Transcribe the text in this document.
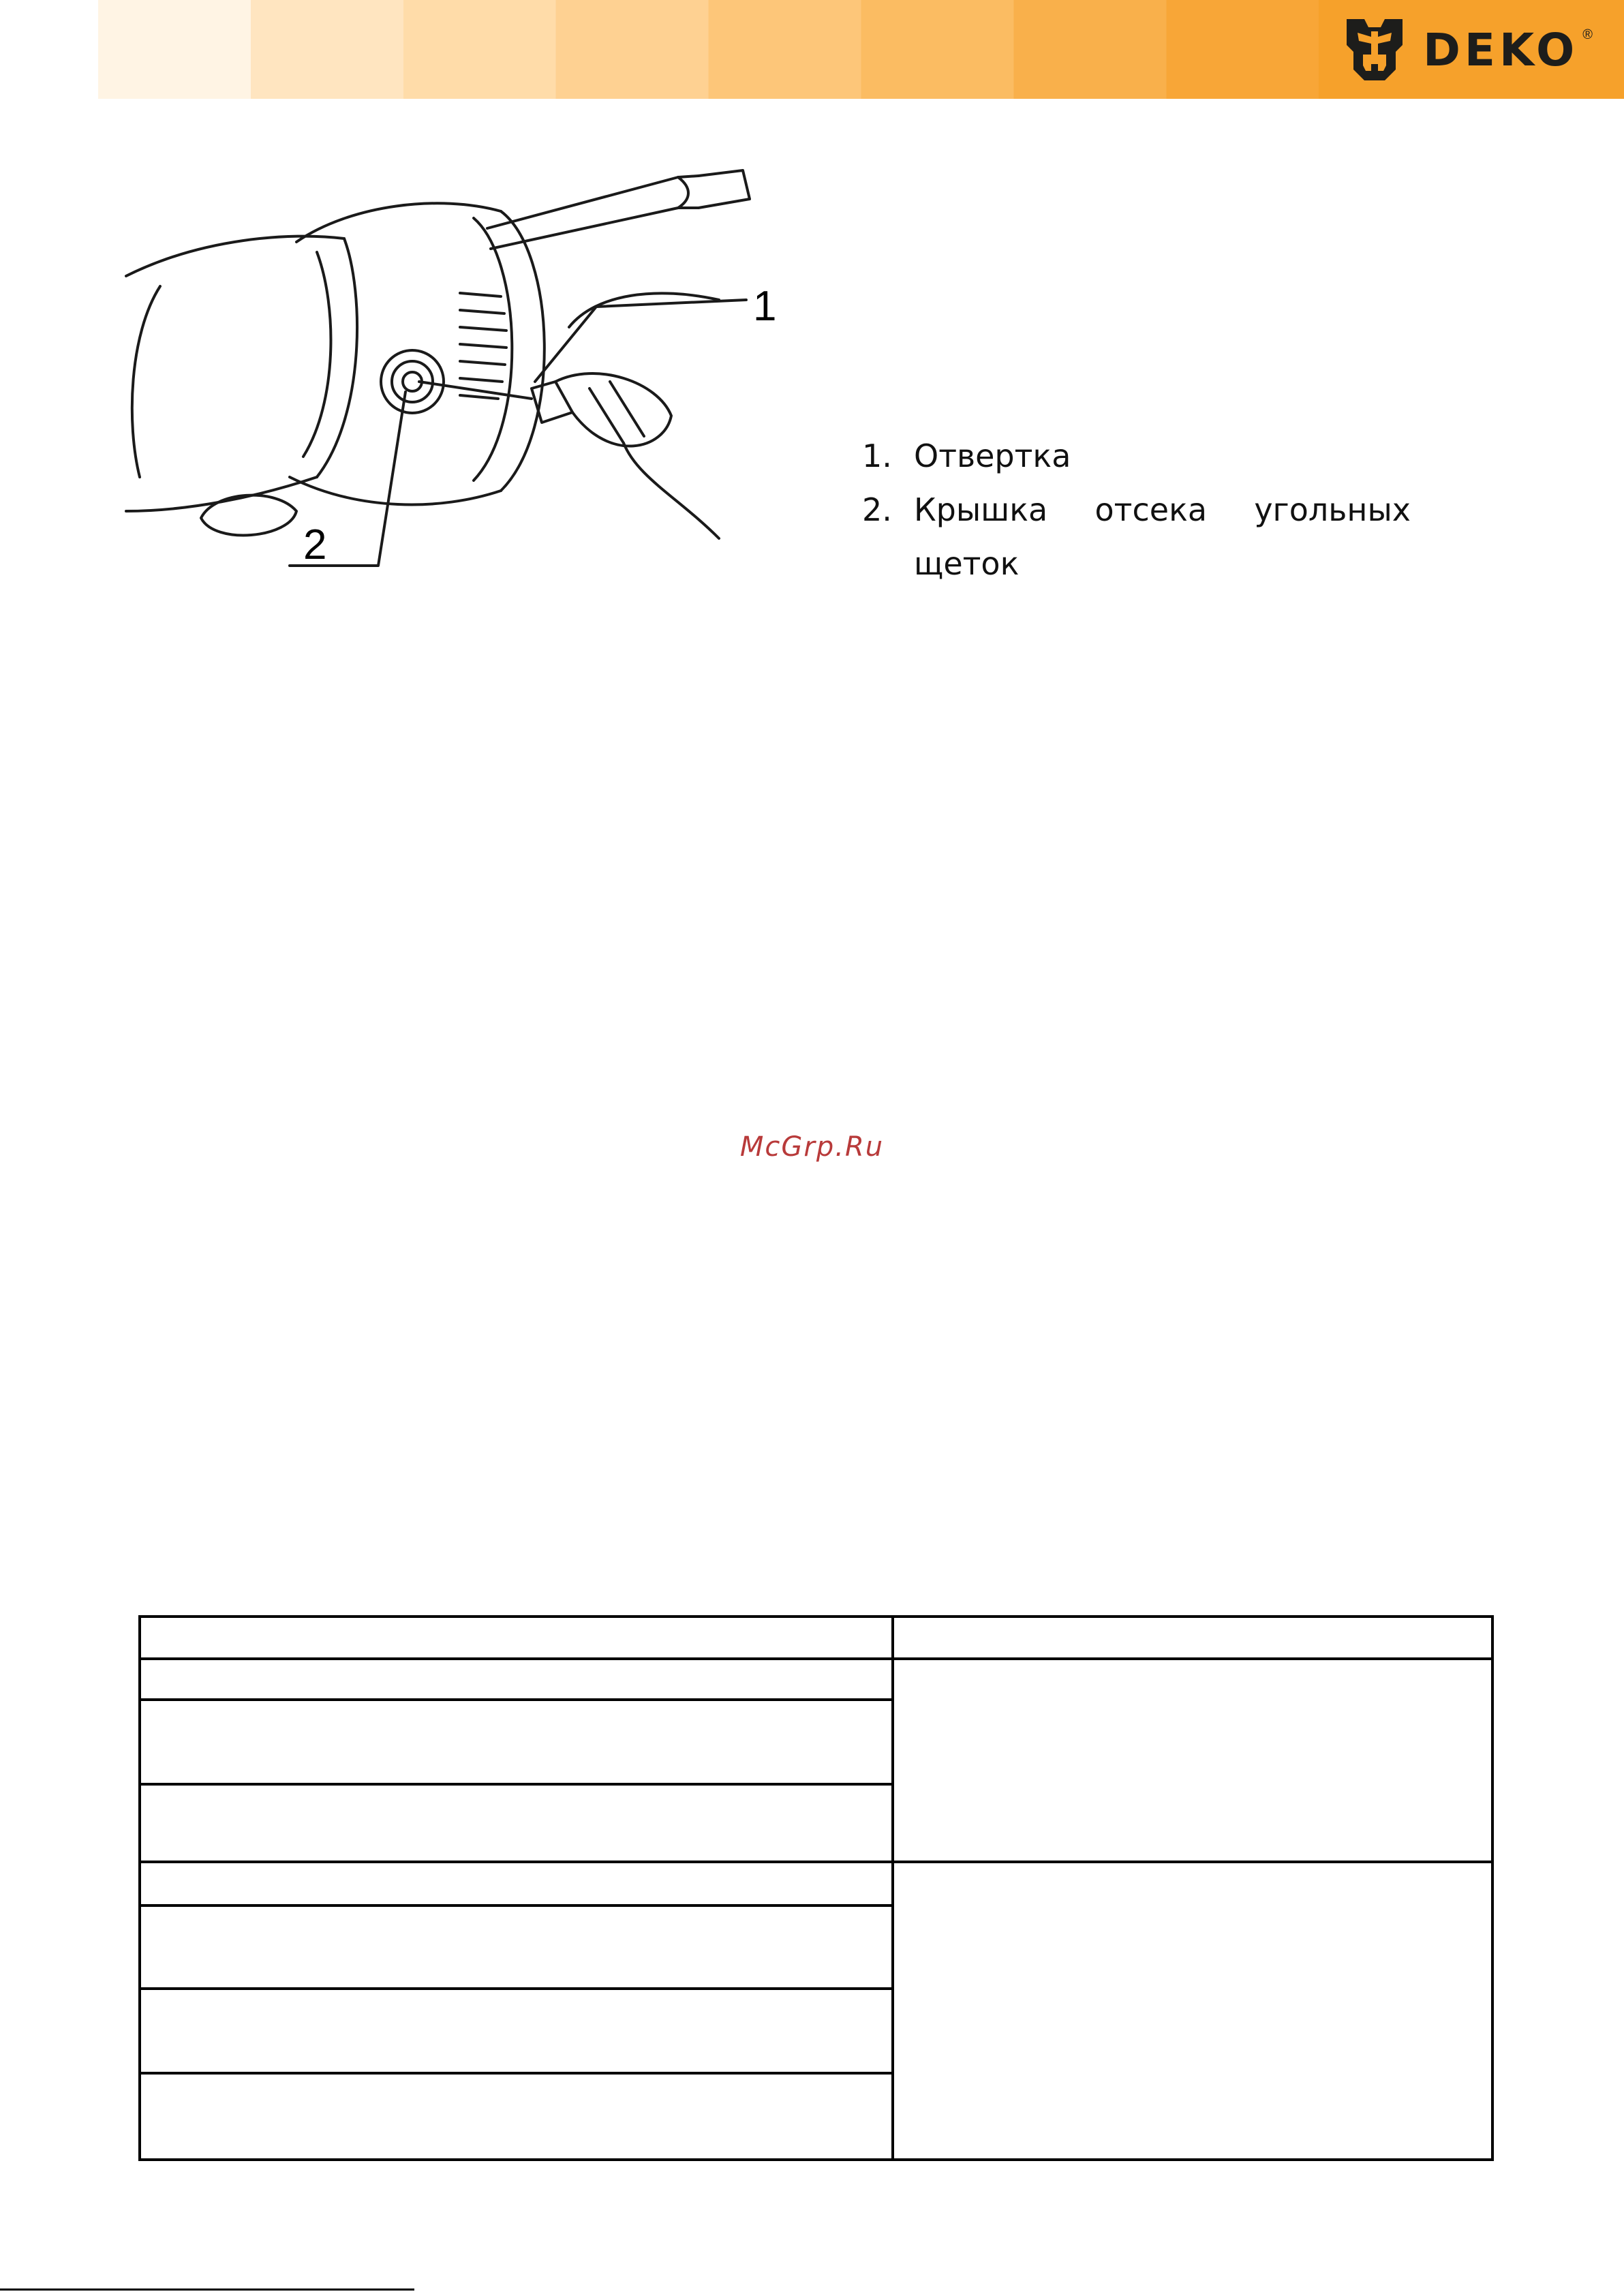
DEKO ®
1
2
1. Отвертка
2. Крышка отсека угольных щеток
McGrp.Ru
